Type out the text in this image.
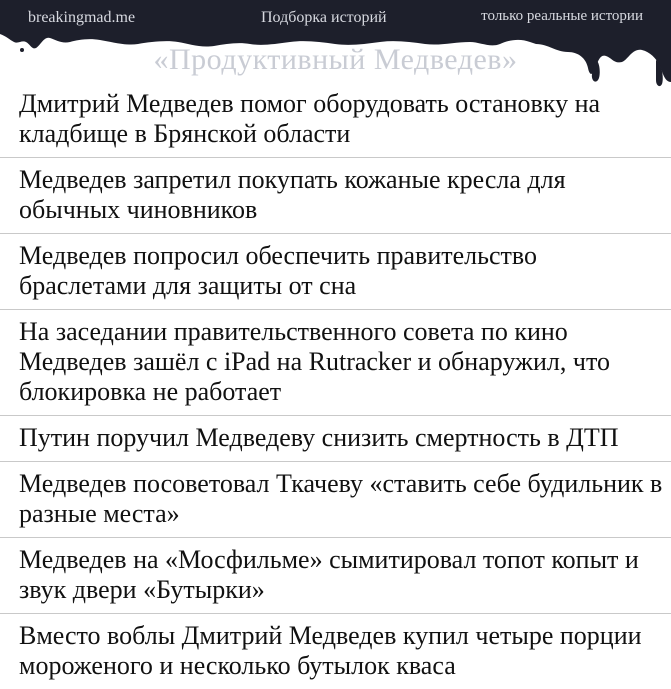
breakingmad.me	Подборка историй	только реальные истории
«Продуктивный Медведев»
Дмитрий Медведев помог оборудовать остановку на кладбище в Брянской области
Медведев запретил покупать кожаные кресла для обычных чиновников
Медведев попросил обеспечить правительство браслетами для защиты от сна
На заседании правительственного совета по кино Медведев зашёл с iPad на Rutracker и обнаружил, что блокировка не работает
Путин поручил Медведеву снизить смертность в ДТП
Медведев посоветовал Ткачеву «ставить себе будильник в разные места»
Медведев на «Мосфильме» сымитировал топот копыт и звук двери «Бутырки»
Вместо воблы Дмитрий Медведев купил четыре порции мороженого и несколько бутылок кваса
